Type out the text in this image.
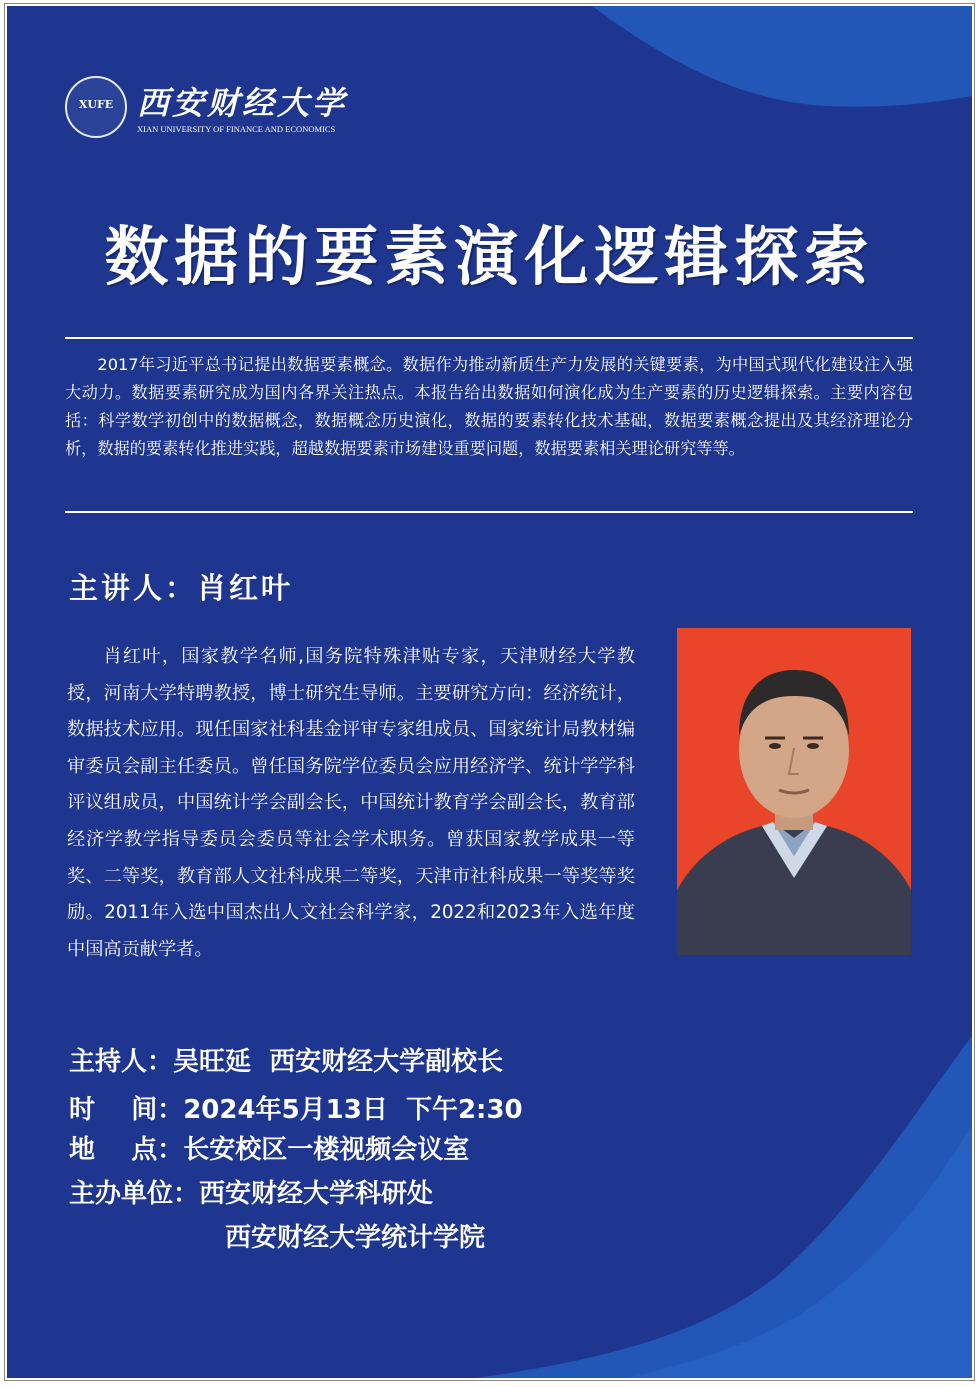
XUFE 西安财经大学
XIAN UNIVERSITY OF FINANCE AND ECONOMICS
数据的要素演化逻辑探索

2017年习近平总书记提出数据要素概念。数据作为推动新质生产力发展的关键要素，为中国式现代化建设注入强大动力。数据要素研究成为国内各界关注热点。本报告给出数据如何演化成为生产要素的历史逻辑探索。主要内容包括：科学数学初创中的数据概念，数据概念历史演化，数据的要素转化技术基础，数据要素概念提出及其经济理论分析，数据的要素转化推进实践，超越数据要素市场建设重要问题，数据要素相关理论研究等等。

主讲人：肖红叶

肖红叶，国家教学名师,国务院特殊津贴专家，天津财经大学教授，河南大学特聘教授，博士研究生导师。主要研究方向：经济统计，数据技术应用。现任国家社科基金评审专家组成员、国家统计局教材编审委员会副主任委员。曾任国务院学位委员会应用经济学、统计学学科评议组成员，中国统计学会副会长，中国统计教育学会副会长，教育部经济学教学指导委员会委员等社会学术职务。曾获国家教学成果一等奖、二等奖，教育部人文社科成果二等奖，天津市社科成果一等奖等奖励。2011年入选中国杰出人文社会科学家，2022和2023年入选年度中国高贡献学者。

主持人：吴旺延  西安财经大学副校长
时    间：2024年5月13日  下午2:30
地    点：长安校区一楼视频会议室
主办单位：西安财经大学科研处
西安财经大学统计学院
